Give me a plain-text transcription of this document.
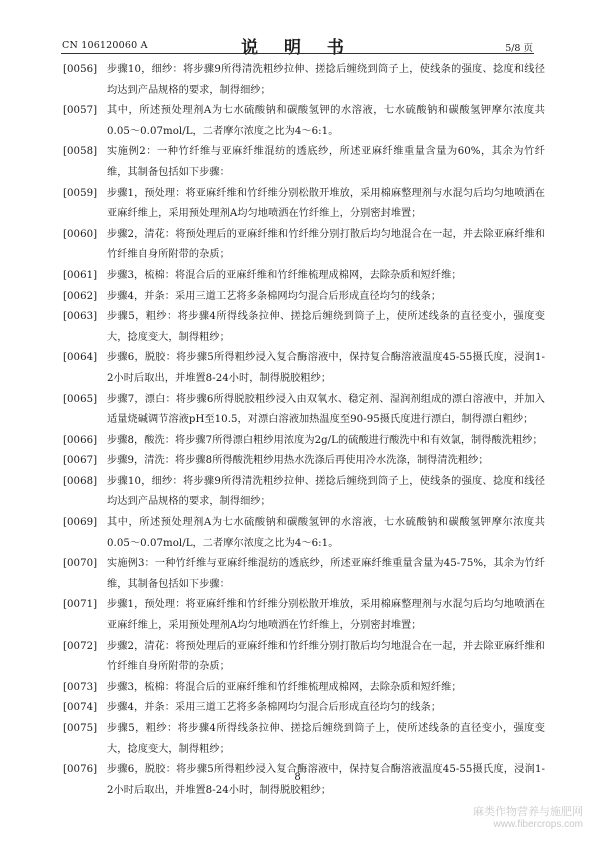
CN 106120060 A	说 明 书	5/8 页
[0056] 步骤10，细纱：将步骤9所得清洗粗纱拉伸、搓捻后缠绕到筒子上，使线条的强度、捻度和线径均达到产品规格的要求，制得细纱；
[0057] 其中，所述预处理剂A为七水硫酸钠和碳酸氢钾的水溶液，七水硫酸钠和碳酸氢钾摩尔浓度共0.05～0.07mol/L，二者摩尔浓度之比为4～6:1。
[0058] 实施例2：一种竹纤维与亚麻纤维混纺的透底纱，所述亚麻纤维重量含量为60%，其余为竹纤维，其制备包括如下步骤：
[0059] 步骤1，预处理：将亚麻纤维和竹纤维分别松散开堆放，采用棉麻整理剂与水混匀后均匀地喷洒在亚麻纤维上，采用预处理剂A均匀地喷洒在竹纤维上，分别密封堆置；
[0060] 步骤2，清花：将预处理后的亚麻纤维和竹纤维分别打散后均匀地混合在一起，并去除亚麻纤维和竹纤维自身所附带的杂质；
[0061] 步骤3，梳棉：将混合后的亚麻纤维和竹纤维梳理成棉网，去除杂质和短纤维；
[0062] 步骤4，并条：采用三道工艺将多条棉网均匀混合后形成直径均匀的线条；
[0063] 步骤5，粗纱：将步骤4所得线条拉伸、搓捻后缠绕到筒子上，使所述线条的直径变小，强度变大，捻度变大，制得粗纱；
[0064] 步骤6，脱胶：将步骤5所得粗纱浸入复合酶溶液中，保持复合酶溶液温度45-55摄氏度，浸润1-2小时后取出，并堆置8-24小时，制得脱胶粗纱；
[0065] 步骤7，漂白：将步骤6所得脱胶粗纱浸入由双氧水、稳定剂、湿润剂组成的漂白溶液中，并加入适量烧碱调节溶液pH至10.5，对漂白溶液加热温度至90-95摄氏度进行漂白，制得漂白粗纱；
[0066] 步骤8，酸洗：将步骤7所得漂白粗纱用浓度为2g/L的硫酸进行酸洗中和有效氯，制得酸洗粗纱；
[0067] 步骤9，清洗：将步骤8所得酸洗粗纱用热水洗涤后再使用冷水洗涤，制得清洗粗纱；
[0068] 步骤10，细纱：将步骤9所得清洗粗纱拉伸、搓捻后缠绕到筒子上，使线条的强度、捻度和线径均达到产品规格的要求，制得细纱；
[0069] 其中，所述预处理剂A为七水硫酸钠和碳酸氢钾的水溶液，七水硫酸钠和碳酸氢钾摩尔浓度共0.05～0.07mol/L，二者摩尔浓度之比为4～6:1。
[0070] 实施例3：一种竹纤维与亚麻纤维混纺的透底纱，所述亚麻纤维重量含量为45-75%，其余为竹纤维，其制备包括如下步骤：
[0071] 步骤1，预处理：将亚麻纤维和竹纤维分别松散开堆放，采用棉麻整理剂与水混匀后均匀地喷洒在亚麻纤维上，采用预处理剂A均匀地喷洒在竹纤维上，分别密封堆置；
[0072] 步骤2，清花：将预处理后的亚麻纤维和竹纤维分别打散后均匀地混合在一起，并去除亚麻纤维和竹纤维自身所附带的杂质；
[0073] 步骤3，梳棉：将混合后的亚麻纤维和竹纤维梳理成棉网，去除杂质和短纤维；
[0074] 步骤4，并条：采用三道工艺将多条棉网均匀混合后形成直径均匀的线条；
[0075] 步骤5，粗纱：将步骤4所得线条拉伸、搓捻后缠绕到筒子上，使所述线条的直径变小，强度变大，捻度变大，制得粗纱；
[0076] 步骤6，脱胶：将步骤5所得粗纱浸入复合酶溶液中，保持复合酶溶液温度45-55摄氏度，浸润1-2小时后取出，并堆置8-24小时，制得脱胶粗纱；
8
麻类作物营养与施肥网
www.fibercrops.com
